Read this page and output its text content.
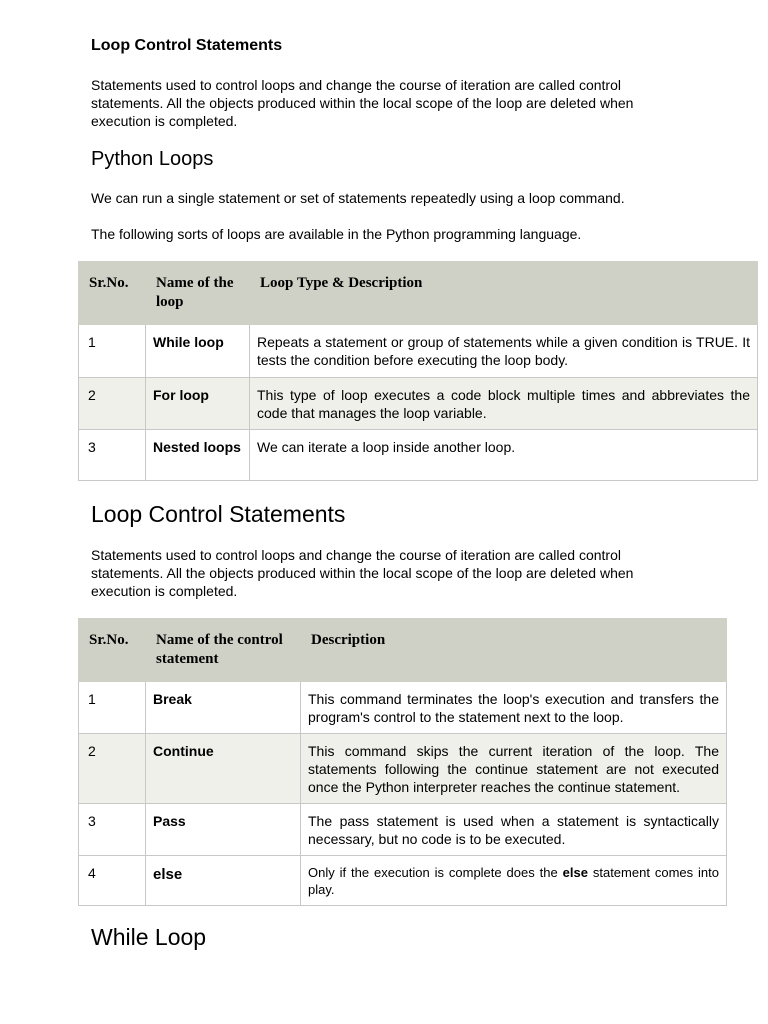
Loop Control Statements

Statements used to control loops and change the course of iteration are called control statements. All the objects produced within the local scope of the loop are deleted when execution is completed.

Python Loops

We can run a single statement or set of statements repeatedly using a loop command.

The following sorts of loops are available in the Python programming language.

Sr.No.	Name of the loop	Loop Type & Description
1	While loop	Repeats a statement or group of statements while a given condition is TRUE. It tests the condition before executing the loop body.
2	For loop	This type of loop executes a code block multiple times and abbreviates the code that manages the loop variable.
3	Nested loops	We can iterate a loop inside another loop.
Loop Control Statements

Statements used to control loops and change the course of iteration are called control statements. All the objects produced within the local scope of the loop are deleted when execution is completed.

Sr.No.	Name of the control statement	Description
1	Break	This command terminates the loop's execution and transfers the program's control to the statement next to the loop.
2	Continue	This command skips the current iteration of the loop. The statements following the continue statement are not executed once the Python interpreter reaches the continue statement.
3	Pass	The pass statement is used when a statement is syntactically necessary, but no code is to be executed.
4	else	Only if the execution is complete does the else statement comes into play.
While Loop
